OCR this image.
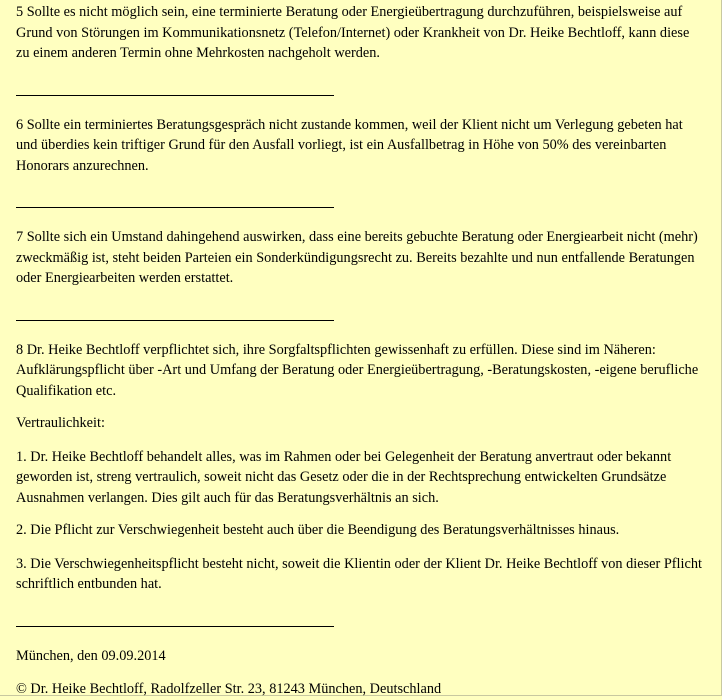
5 Sollte es nicht möglich sein, eine terminierte Beratung oder Energieübertragung durchzuführen, beispielsweise auf Grund von Störungen im Kommunikationsnetz (Telefon/Internet) oder Krankheit von Dr. Heike Bechtloff, kann diese zu einem anderen Termin ohne Mehrkosten nachgeholt werden.

6 Sollte ein terminiertes Beratungsgespräch nicht zustande kommen, weil der Klient nicht um Verlegung gebeten hat und überdies kein triftiger Grund für den Ausfall vorliegt, ist ein Ausfallbetrag in Höhe von 50% des vereinbarten Honorars anzurechnen.

7 Sollte sich ein Umstand dahingehend auswirken, dass eine bereits gebuchte Beratung oder Energiearbeit nicht (mehr) zweckmäßig ist, steht beiden Parteien ein Sonderkündigungsrecht zu. Bereits bezahlte und nun entfallende Beratungen oder Energiearbeiten werden erstattet.

8 Dr. Heike Bechtloff verpflichtet sich, ihre Sorgfaltspflichten gewissenhaft zu erfüllen. Diese sind im Näheren: Aufklärungspflicht über -Art und Umfang der Beratung oder Energieübertragung, -Beratungskosten, -eigene berufliche Qualifikation etc.

Vertraulichkeit:

1. Dr. Heike Bechtloff behandelt alles, was im Rahmen oder bei Gelegenheit der Beratung anvertraut oder bekannt geworden ist, streng vertraulich, soweit nicht das Gesetz oder die in der Rechtsprechung entwickelten Grundsätze Ausnahmen verlangen. Dies gilt auch für das Beratungsverhältnis an sich.

2. Die Pflicht zur Verschwiegenheit besteht auch über die Beendigung des Beratungsverhältnisses hinaus.

3. Die Verschwiegenheitspflicht besteht nicht, soweit die Klientin oder der Klient Dr. Heike Bechtloff von dieser Pflicht schriftlich entbunden hat.

München, den 09.09.2014

© Dr. Heike Bechtloff, Radolfzeller Str. 23, 81243 München, Deutschland
